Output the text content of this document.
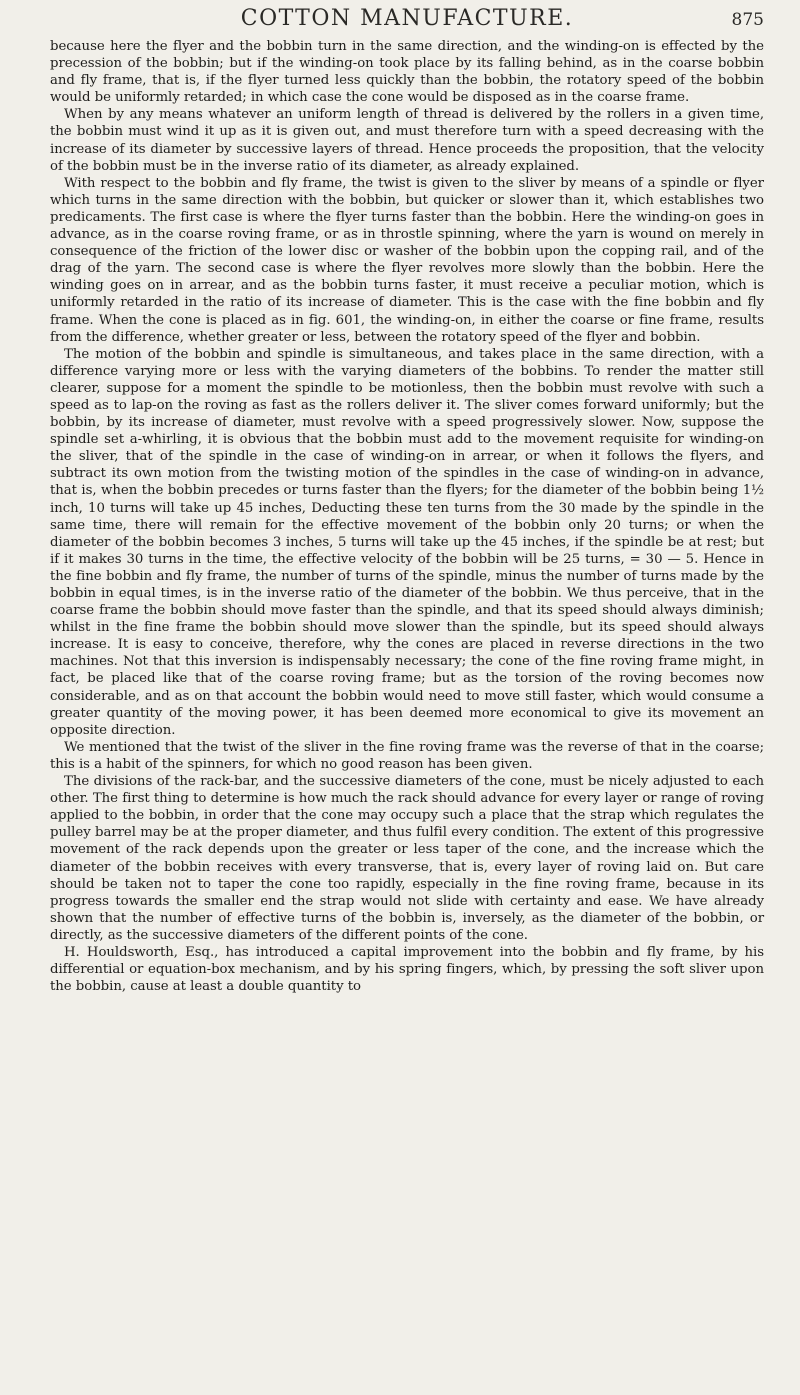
COTTON MANUFACTURE.	875

because here the flyer and the bobbin turn in the same direction, and the winding-on is effected by the precession of the bobbin; but if the winding-on took place by its falling behind, as in the coarse bobbin and fly frame, that is, if the flyer turned less quickly than the bobbin, the rotatory speed of the bobbin would be uniformly retarded; in which case the cone would be disposed as in the coarse frame.

When by any means whatever an uniform length of thread is delivered by the rollers in a given time, the bobbin must wind it up as it is given out, and must therefore turn with a speed decreasing with the increase of its diameter by successive layers of thread. Hence proceeds the proposition, that the velocity of the bobbin must be in the inverse ratio of its diameter, as already explained.

With respect to the bobbin and fly frame, the twist is given to the sliver by means of a spindle or flyer which turns in the same direction with the bobbin, but quicker or slower than it, which establishes two predicaments. The first case is where the flyer turns faster than the bobbin. Here the winding-on goes in advance, as in the coarse roving frame, or as in throstle spinning, where the yarn is wound on merely in consequence of the friction of the lower disc or washer of the bobbin upon the copping rail, and of the drag of the yarn. The second case is where the flyer revolves more slowly than the bobbin. Here the winding goes on in arrear, and as the bobbin turns faster, it must receive a peculiar motion, which is uniformly retarded in the ratio of its increase of diameter. This is the case with the fine bobbin and fly frame. When the cone is placed as in fig. 601, the winding-on, in either the coarse or fine frame, results from the difference, whether greater or less, between the rotatory speed of the flyer and bobbin.

The motion of the bobbin and spindle is simultaneous, and takes place in the same direction, with a difference varying more or less with the varying diameters of the bobbins. To render the matter still clearer, suppose for a moment the spindle to be motionless, then the bobbin must revolve with such a speed as to lap-on the roving as fast as the rollers deliver it. The sliver comes forward uniformly; but the bobbin, by its increase of diameter, must revolve with a speed progressively slower. Now, suppose the spindle set a-whirling, it is obvious that the bobbin must add to the movement requisite for winding-on the sliver, that of the spindle in the case of winding-on in arrear, or when it follows the flyers, and subtract its own motion from the twisting motion of the spindles in the case of winding-on in advance, that is, when the bobbin precedes or turns faster than the flyers; for the diameter of the bobbin being 1½ inch, 10 turns will take up 45 inches, Deducting these ten turns from the 30 made by the spindle in the same time, there will remain for the effective movement of the bobbin only 20 turns; or when the diameter of the bobbin becomes 3 inches, 5 turns will take up the 45 inches, if the spindle be at rest; but if it makes 30 turns in the time, the effective velocity of the bobbin will be 25 turns, = 30 — 5. Hence in the fine bobbin and fly frame, the number of turns of the spindle, minus the number of turns made by the bobbin in equal times, is in the inverse ratio of the diameter of the bobbin. We thus perceive, that in the coarse frame the bobbin should move faster than the spindle, and that its speed should always diminish; whilst in the fine frame the bobbin should move slower than the spindle, but its speed should always increase. It is easy to conceive, therefore, why the cones are placed in reverse directions in the two machines. Not that this inversion is indispensably necessary; the cone of the fine roving frame might, in fact, be placed like that of the coarse roving frame; but as the torsion of the roving becomes now considerable, and as on that account the bobbin would need to move still faster, which would consume a greater quantity of the moving power, it has been deemed more economical to give its movement an opposite direction.

We mentioned that the twist of the sliver in the fine roving frame was the reverse of that in the coarse; this is a habit of the spinners, for which no good reason has been given.

The divisions of the rack-bar, and the successive diameters of the cone, must be nicely adjusted to each other. The first thing to determine is how much the rack should advance for every layer or range of roving applied to the bobbin, in order that the cone may occupy such a place that the strap which regulates the pulley barrel may be at the proper diameter, and thus fulfil every condition. The extent of this progressive movement of the rack depends upon the greater or less taper of the cone, and the increase which the diameter of the bobbin receives with every transverse, that is, every layer of roving laid on. But care should be taken not to taper the cone too rapidly, especially in the fine roving frame, because in its progress towards the smaller end the strap would not slide with certainty and ease. We have already shown that the number of effective turns of the bobbin is, inversely, as the diameter of the bobbin, or directly, as the successive diameters of the different points of the cone.

H. Houldsworth, Esq., has introduced a capital improvement into the bobbin and fly frame, by his differential or equation-box mechanism, and by his spring fingers, which, by pressing the soft sliver upon the bobbin, cause at least a double quantity to
